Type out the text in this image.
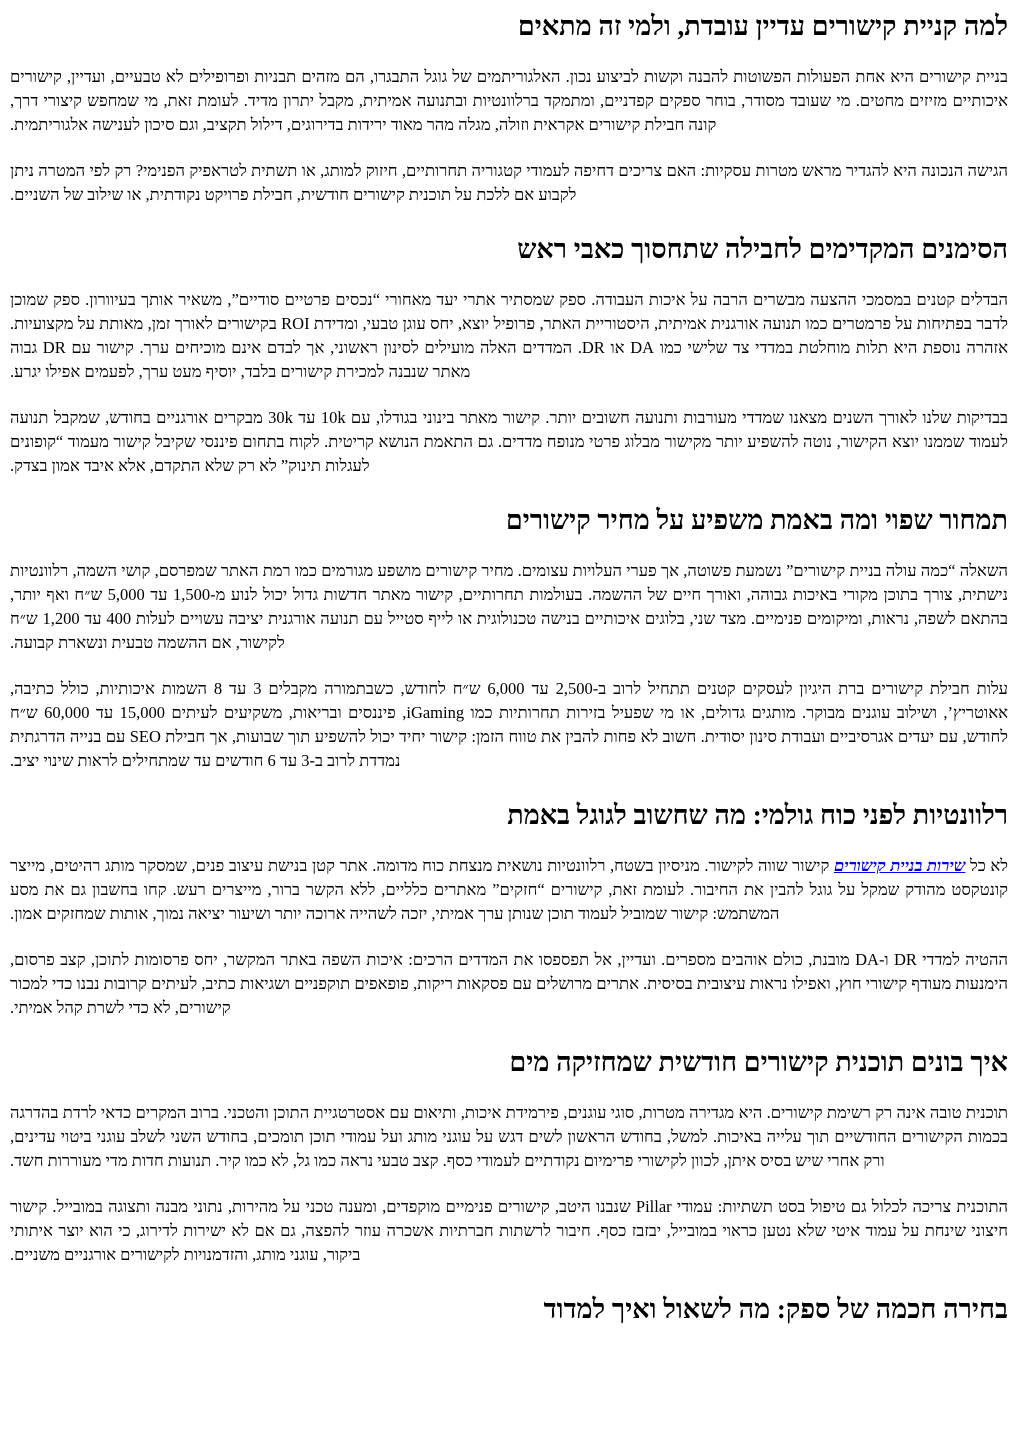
למה קניית קישורים עדיין עובדת, ולמי זה מתאים

בניית קישורים היא אחת הפעולות הפשוטות להבנה וקשות לביצוע נכון. האלגוריתמים של גוגל התבגרו, הם מזהים תבניות ופרופילים לא טבעיים, ועדיין, קישורים איכותיים מזיזים מחטים. מי שעובד מסודר, בוחר ספקים קפדניים, ומתמקד ברלוונטיות ובתנועה אמיתית, מקבל יתרון מדיד. לעומת זאת, מי שמחפש קיצורי דרך, קונה חבילת קישורים אקראית וזולה, מגלה מהר מאוד ירידות בדירוגים, דילול תקציב, וגם סיכון לענישה אלגוריתמית.

הגישה הנכונה היא להגדיר מראש מטרות עסקיות: האם צריכים דחיפה לעמודי קטגוריה תחרותיים, חיזוק למותג, או תשתית לטראפיק הפנימי? רק לפי המטרה ניתן לקבוע אם ללכת על תוכנית קישורים חודשית, חבילת פרויקט נקודתית, או שילוב של השניים.

הסימנים המקדימים לחבילה שתחסוך כאבי ראש

הבדלים קטנים במסמכי ההצעה מבשרים הרבה על איכות העבודה. ספק שמסתיר אתרי יעד מאחורי “נכסים פרטיים סודיים”, משאיר אותך בעיוורון. ספק שמוכן לדבר בפתיחות על פרמטרים כמו תנועה אורגנית אמיתית, היסטוריית האתר, פרופיל יוצא, יחס עוגן טבעי, ומדידת ROI בקישורים לאורך זמן, מאותת על מקצועיות. אזהרה נוספת היא תלות מוחלטת במדדי צד שלישי כמו DA או DR. המדדים האלה מועילים לסינון ראשוני, אך לבדם אינם מוכיחים ערך. קישור עם DR גבוה מאתר שנבנה למכירת קישורים בלבד, יוסיף מעט ערך, לפעמים אפילו יגרע.

בבדיקות שלנו לאורך השנים מצאנו שמדדי מעורבות ותנועה חשובים יותר. קישור מאתר בינוני בגודלו, עם 10k עד 30k מבקרים אורגניים בחודש, שמקבל תנועה לעמוד שממנו יוצא הקישור, נוטה להשפיע יותר מקישור מבלוג פרטי מנופח מדדים. גם התאמת הנושא קריטית. לקוח בתחום פיננסי שקיבל קישור מעמוד “קופונים לעגלות תינוק” לא רק שלא התקדם, אלא איבד אמון בצדק.

תמחור שפוי ומה באמת משפיע על מחיר קישורים

השאלה “כמה עולה בניית קישורים” נשמעת פשוטה, אך פערי העלויות עצומים. מחיר קישורים מושפע מגורמים כמו רמת האתר שמפרסם, קושי השמה, רלוונטיות נישתית, צורך בתוכן מקורי באיכות גבוהה, ואורך חיים של ההשמה. בעולמות תחרותיים, קישור מאתר חדשות גדול יכול לנוע מ-1,500 עד 5,000 ש״ח ואף יותר, בהתאם לשפה, נראות, ומיקומים פנימיים. מצד שני, בלוגים איכותיים בנישה טכנולוגית או לייף סטייל עם תנועה אורגנית יציבה עשויים לעלות 400 עד 1,200 ש״ח לקישור, אם ההשמה טבעית ונשארת קבועה.

עלות חבילת קישורים ברת היגיון לעסקים קטנים תתחיל לרוב ב-2,500 עד 6,000 ש״ח לחודש, כשבתמורה מקבלים 3 עד 8 השמות איכותיות, כולל כתיבה, אאוטריץ’, ושילוב עוגנים מבוקר. מותגים גדולים, או מי שפעיל בזירות תחרותיות כמו iGaming, פיננסים ובריאות, משקיעים לעיתים 15,000 עד 60,000 ש״ח לחודש, עם יעדים אגרסיביים ועבודת סינון יסודית. חשוב לא פחות להבין את טווח הזמן: קישור יחיד יכול להשפיע תוך שבועות, אך חבילת SEO עם בנייה הדרגתית נמדדת לרוב ב-3 עד 6 חודשים עד שמתחילים לראות שינוי יציב.

רלוונטיות לפני כוח גולמי: מה שחשוב לגוגל באמת

לא כל שירות בניית קישורים קישור שווה לקישור. מניסיון בשטח, רלוונטיות נושאית מנצחת כוח מדומה. אתר קטן בנישת עיצוב פנים, שמסקר מותג רהיטים, מייצר קונטקסט מהודק שמקל על גוגל להבין את החיבור. לעומת זאת, קישורים “חזקים” מאתרים כלליים, ללא הקשר ברור, מייצרים רעש. קחו בחשבון גם את מסע המשתמש: קישור שמוביל לעמוד תוכן שנותן ערך אמיתי, יזכה לשהייה ארוכה יותר ושיעור יציאה נמוך, אותות שמחזקים אמון.

ההטיה למדדי DR ו-DA מובנת, כולם אוהבים מספרים. ועדיין, אל תפספסו את המדדים הרכים: איכות השפה באתר המקשר, יחס פרסומות לתוכן, קצב פרסום, הימנעות מעודף קישורי חוץ, ואפילו נראות עיצובית בסיסית. אתרים מרושלים עם פסקאות ריקות, פופאפים תוקפניים ושגיאות כתיב, לעיתים קרובות נבנו כדי למכור קישורים, לא כדי לשרת קהל אמיתי.

איך בונים תוכנית קישורים חודשית שמחזיקה מים

תוכנית טובה אינה רק רשימת קישורים. היא מגדירה מטרות, סוגי עוגנים, פירמידת איכות, ותיאום עם אסטרטגיית התוכן והטכני. ברוב המקרים כדאי לרדת בהדרגה בכמות הקישורים החודשיים תוך עלייה באיכות. למשל, בחודש הראשון לשים דגש על עוגני מותג ועל עמודי תוכן תומכים, בחודש השני לשלב עוגני ביטוי עדינים, ורק אחרי שיש בסיס איתן, לכוון לקישורי פרימיום נקודתיים לעמודי כסף. קצב טבעי נראה כמו גל, לא כמו קיר. תנועות חדות מדי מעוררות חשד.

התוכנית צריכה לכלול גם טיפול בסט תשתיות: עמודי Pillar שנבנו היטב, קישורים פנימיים מוקפדים, ומענה טכני על מהירות, נתוני מבנה ותצוגה במובייל. קישור חיצוני שינחת על עמוד איטי שלא נטען כראוי במובייל, יבזבז כסף. חיבור לרשתות חברתיות אשכרה עוזר להפצה, גם אם לא ישירות לדירוג, כי הוא יוצר איתותי ביקור, עוגני מותג, והזדמנויות לקישורים אורגניים משניים.

בחירה חכמה של ספק: מה לשאול ואיך למדוד
